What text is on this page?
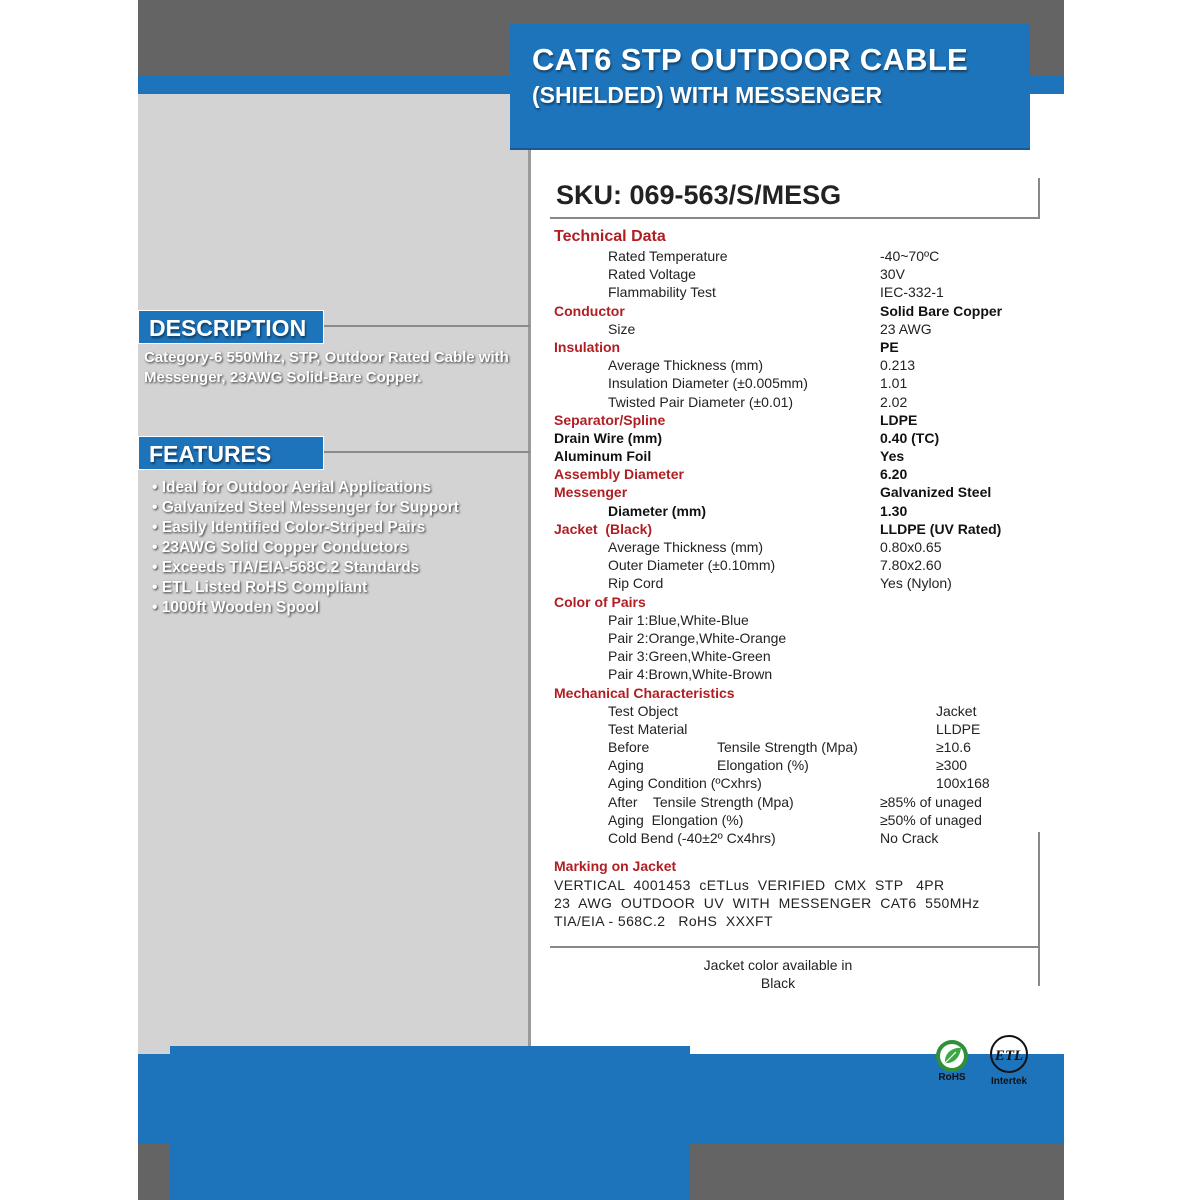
CAT6 STP OUTDOOR CABLE
(SHIELDED) WITH MESSENGER
DESCRIPTION
Category-6 550Mhz, STP, Outdoor Rated Cable with Messenger, 23AWG Solid-Bare Copper.
FEATURES
• Ideal for Outdoor Aerial Applications
• Galvanized Steel Messenger for Support
• Easily Identified Color-Striped Pairs
• 23AWG Solid Copper Conductors
• Exceeds TIA/EIA-568C.2 Standards
• ETL Listed RoHS Compliant
• 1000ft Wooden Spool
SKU: 069-563/S/MESG
Technical Data
Rated Temperature	-40~70ºC
Rated Voltage	30V
Flammability Test	IEC-332-1
Conductor	Solid Bare Copper
Size	23 AWG
Insulation	PE
Average Thickness (mm)	0.213
Insulation Diameter (±0.005mm)	1.01
Twisted Pair Diameter (±0.01)	2.02
Separator/Spline	LDPE
Drain Wire (mm)	0.40 (TC)
Aluminum Foil	Yes
Assembly Diameter	6.20
Messenger	Galvanized Steel
Diameter (mm)	1.30
Jacket  (Black)	LLDPE (UV Rated)
Average Thickness (mm)	0.80x0.65
Outer Diameter (±0.10mm)	7.80x2.60
Rip Cord	Yes (Nylon)
Color of Pairs
Pair 1:Blue,White-Blue
Pair 2:Orange,White-Orange
Pair 3:Green,White-Green
Pair 4:Brown,White-Brown
Mechanical Characteristics
Test Object	Jacket
Test Material	LLDPE
Before	Tensile Strength (Mpa)	≥10.6
Aging	Elongation (%)	≥300
Aging Condition (ºCxhrs)	100x168
After    Tensile Strength (Mpa)	≥85% of unaged
Aging  Elongation (%)	≥50% of unaged
Cold Bend (-40±2º Cx4hrs)	No Crack
Marking on Jacket
VERTICAL  4001453  cETLus  VERIFIED  CMX  STP   4PR
23  AWG  OUTDOOR  UV  WITH  MESSENGER  CAT6  550MHz
TIA/EIA - 568C.2   RoHS  XXXFT
Jacket color available in
Black
RoHS
ETL
Intertek
